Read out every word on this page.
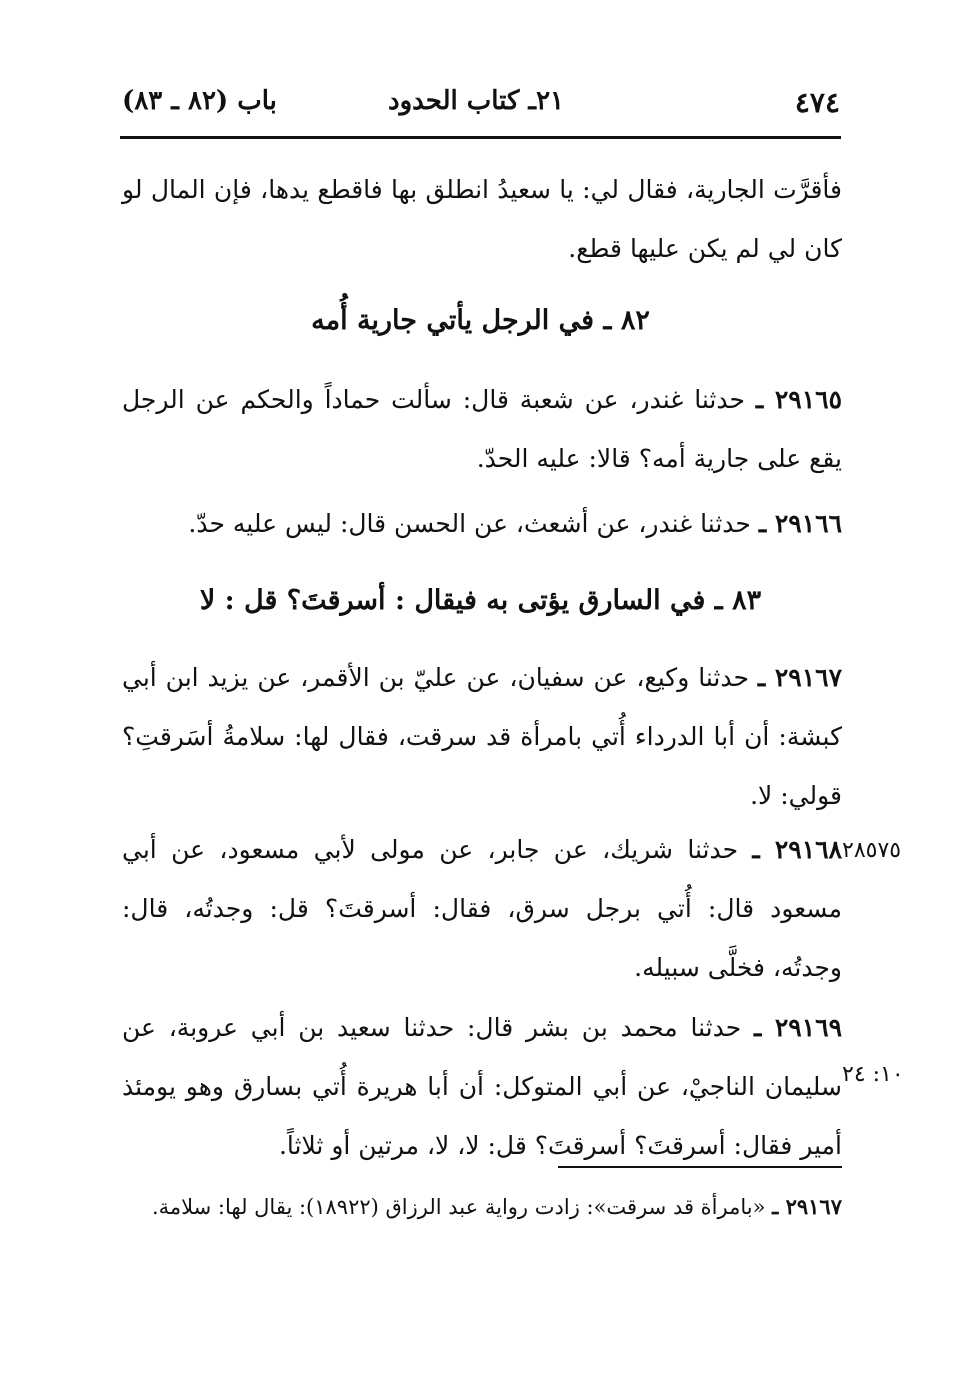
٤٧٤
٢١ـ كتاب الحدود
باب (٨٢ ـ ٨٣)

فأقرَّت الجارية، فقال لي: يا سعيدُ انطلق بها فاقطع يدها، فإن المال لو كان لي لم يكن عليها قطع.

٨٢ ـ في الرجل يأتي جارية أُمه

٢٩١٦٥ ـ حدثنا غندر، عن شعبة قال: سألت حماداً والحكم عن الرجل يقع على جارية أمه؟ قالا: عليه الحدّ.

٢٩١٦٦ ـ حدثنا غندر، عن أشعث، عن الحسن قال: ليس عليه حدّ.

٨٣ ـ في السارق يؤتى به فيقال : أسرقتَ؟ قل : لا

٢٩١٦٧ ـ حدثنا وكيع، عن سفيان، عن عليّ بن الأقمر، عن يزيد ابن أبي كبشة: أن أبا الدرداء أُتي بامرأة قد سرقت، فقال لها: سلامةُ أسَرقتِ؟ قولي: لا.

٢٨٥٧٥

٢٩١٦٨ ـ حدثنا شريك، عن جابر، عن مولى لأبي مسعود، عن أبي مسعود قال: أُتي برجل سرق، فقال: أسرقتَ؟ قل: وجدتُه، قال: وجدتُه، فخلَّى سبيله.

١٠: ٢٤

٢٩١٦٩ ـ حدثنا محمد بن بشر قال: حدثنا سعيد بن أبي عروبة، عن سليمان الناجيْ، عن أبي المتوكل: أن أبا هريرة أُتي بسارق وهو يومئذ أمير فقال: أسرقتَ؟ أسرقتَ؟ قل: لا، لا، مرتين أو ثلاثاً.

٢٩١٦٧ ـ «بامرأة قد سرقت»: زادت رواية عبد الرزاق (١٨٩٢٢): يقال لها: سلامة.
